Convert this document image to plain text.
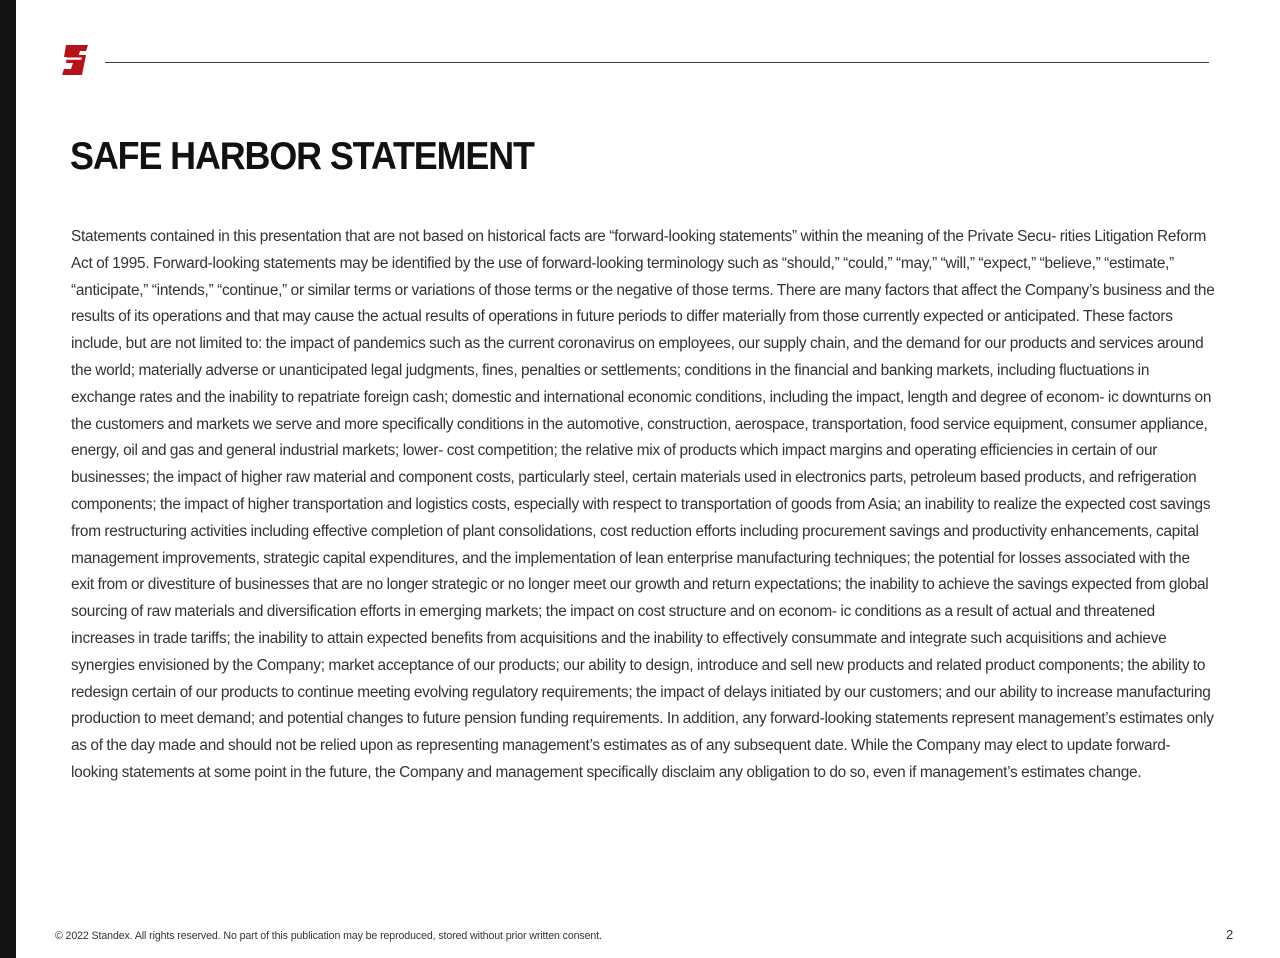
SAFE HARBOR STATEMENT

Statements contained in this presentation that are not based on historical facts are “forward-looking statements” within the meaning of the Private Secu- rities Litigation Reform Act of 1995. Forward-looking statements may be identified by the use of forward-looking terminology such as “should,” “could,” “may,” “will,” “expect,” “believe,” “estimate,” “anticipate,” “intends,” “continue,” or similar terms or variations of those terms or the negative of those terms. There are many factors that affect the Company’s business and the results of its operations and that may cause the actual results of operations in future periods to differ materially from those currently expected or anticipated. These factors include, but are not limited to: the impact of pandemics such as the current coronavirus on employees, our supply chain, and the demand for our products and services around the world; materially adverse or unanticipated legal judgments, fines, penalties or settlements; conditions in the financial and banking markets, including fluctuations in exchange rates and the inability to repatriate foreign cash; domestic and international economic conditions, including the impact, length and degree of econom- ic downturns on the customers and markets we serve and more specifically conditions in the automotive, construction, aerospace, transportation, food service equipment, consumer appliance, energy, oil and gas and general industrial markets; lower- cost competition; the relative mix of products which impact margins and operating efficiencies in certain of our businesses; the impact of higher raw material and component costs, particularly steel, certain materials used in electronics parts, petroleum based products, and refrigeration components; the impact of higher transportation and logistics costs, especially with respect to transportation of goods from Asia; an inability to realize the expected cost savings from restructuring activities including effective completion of plant consolidations, cost reduction efforts including procurement savings and productivity enhancements, capital management improvements, strategic capital expenditures, and the implementation of lean enterprise manufacturing techniques; the potential for losses associated with the exit from or divestiture of businesses that are no longer strategic or no longer meet our growth and return expectations; the inability to achieve the savings expected from global sourcing of raw materials and diversification efforts in emerging markets; the impact on cost structure and on econom- ic conditions as a result of actual and threatened increases in trade tariffs; the inability to attain expected benefits from acquisitions and the inability to effectively consummate and integrate such acquisitions and achieve synergies envisioned by the Company; market acceptance of our products; our ability to design, introduce and sell new products and related product components; the ability to redesign certain of our products to continue meeting evolving regulatory requirements; the impact of delays initiated by our customers; and our ability to increase manufacturing production to meet demand; and potential changes to future pension funding requirements. In addition, any forward-looking statements represent management’s estimates only as of the day made and should not be relied upon as representing management’s estimates as of any subsequent date. While the Company may elect to update forward-looking statements at some point in the future, the Company and management specifically disclaim any obligation to do so, even if management’s estimates change.

© 2022 Standex. All rights reserved. No part of this publication may be reproduced, stored without prior written consent.	2
